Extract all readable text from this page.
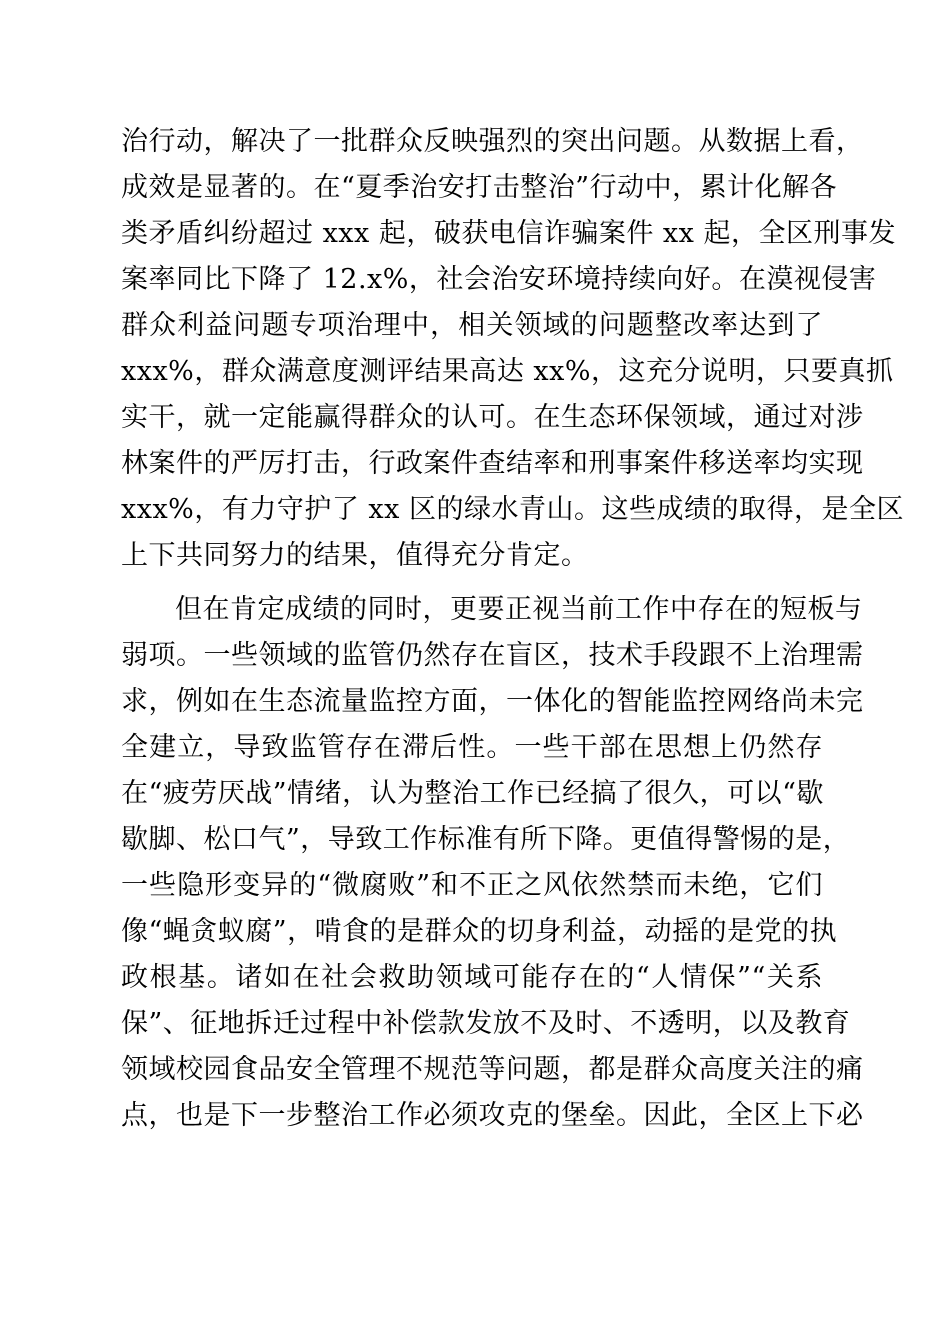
治行动，解决了一批群众反映强烈的突出问题。从数据上看，
成效是显著的。在“夏季治安打击整治”行动中，累计化解各
类矛盾纠纷超过 xxx 起，破获电信诈骗案件 xx 起，全区刑事发
案率同比下降了 12.x%，社会治安环境持续向好。在漠视侵害
群众利益问题专项治理中，相关领域的问题整改率达到了
xxx%，群众满意度测评结果高达 xx%，这充分说明，只要真抓
实干，就一定能赢得群众的认可。在生态环保领域，通过对涉
林案件的严厉打击，行政案件查结率和刑事案件移送率均实现
xxx%，有力守护了 xx 区的绿水青山。这些成绩的取得，是全区
上下共同努力的结果，值得充分肯定。
但在肯定成绩的同时，更要正视当前工作中存在的短板与
弱项。一些领域的监管仍然存在盲区，技术手段跟不上治理需
求，例如在生态流量监控方面，一体化的智能监控网络尚未完
全建立，导致监管存在滞后性。一些干部在思想上仍然存
在“疲劳厌战”情绪，认为整治工作已经搞了很久，可以“歇
歇脚、松口气”，导致工作标准有所下降。更值得警惕的是，
一些隐形变异的“微腐败”和不正之风依然禁而未绝，它们
像“蝇贪蚁腐”，啃食的是群众的切身利益，动摇的是党的执
政根基。诸如在社会救助领域可能存在的“人情保”“关系
保”、征地拆迁过程中补偿款发放不及时、不透明，以及教育
领域校园食品安全管理不规范等问题，都是群众高度关注的痛
点，也是下一步整治工作必须攻克的堡垒。因此，全区上下必
